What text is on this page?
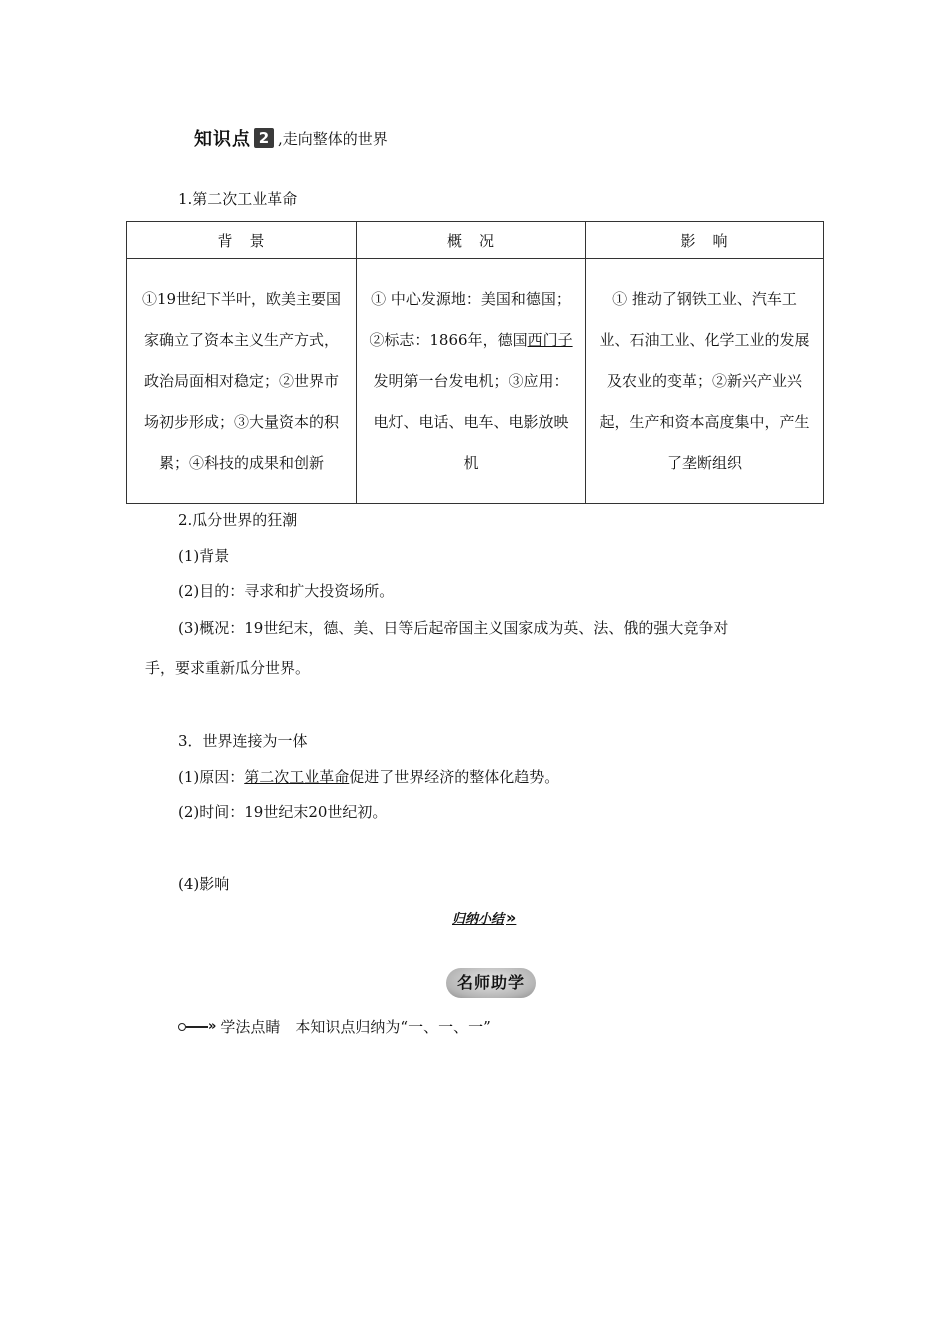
知识点 2 ,走向整体的世界
1.第二次工业革命
背　景	概　况	影　响

①19世纪下半叶，欧美主要国家确立了资本主义生产方式，政治局面相对稳定；②世界市场初步形成；③大量资本的积累；④科技的成果和创新	① 中心发源地：美国和德国；②标志：1866年，德国西门子发明第一台发电机；③应用：电灯、电话、电车、电影放映机	① 推动了钢铁工业、汽车工业、石油工业、化学工业的发展及农业的变革；②新兴产业兴起，生产和资本高度集中，产生了垄断组织
2.瓜分世界的狂潮
(1)背景
(2)目的：寻求和扩大投资场所。
(3)概况：19世纪末，德、美、日等后起帝国主义国家成为英、法、俄的强大竞争对
手，要求重新瓜分世界。
3．世界连接为一体
(1)原因：第二次工业革命促进了世界经济的整体化趋势。
(2)时间：19世纪末20世纪初。
(4)影响
归纳小结 »
名师助学
» 学法点睛　本知识点归纳为“一、一、一”
